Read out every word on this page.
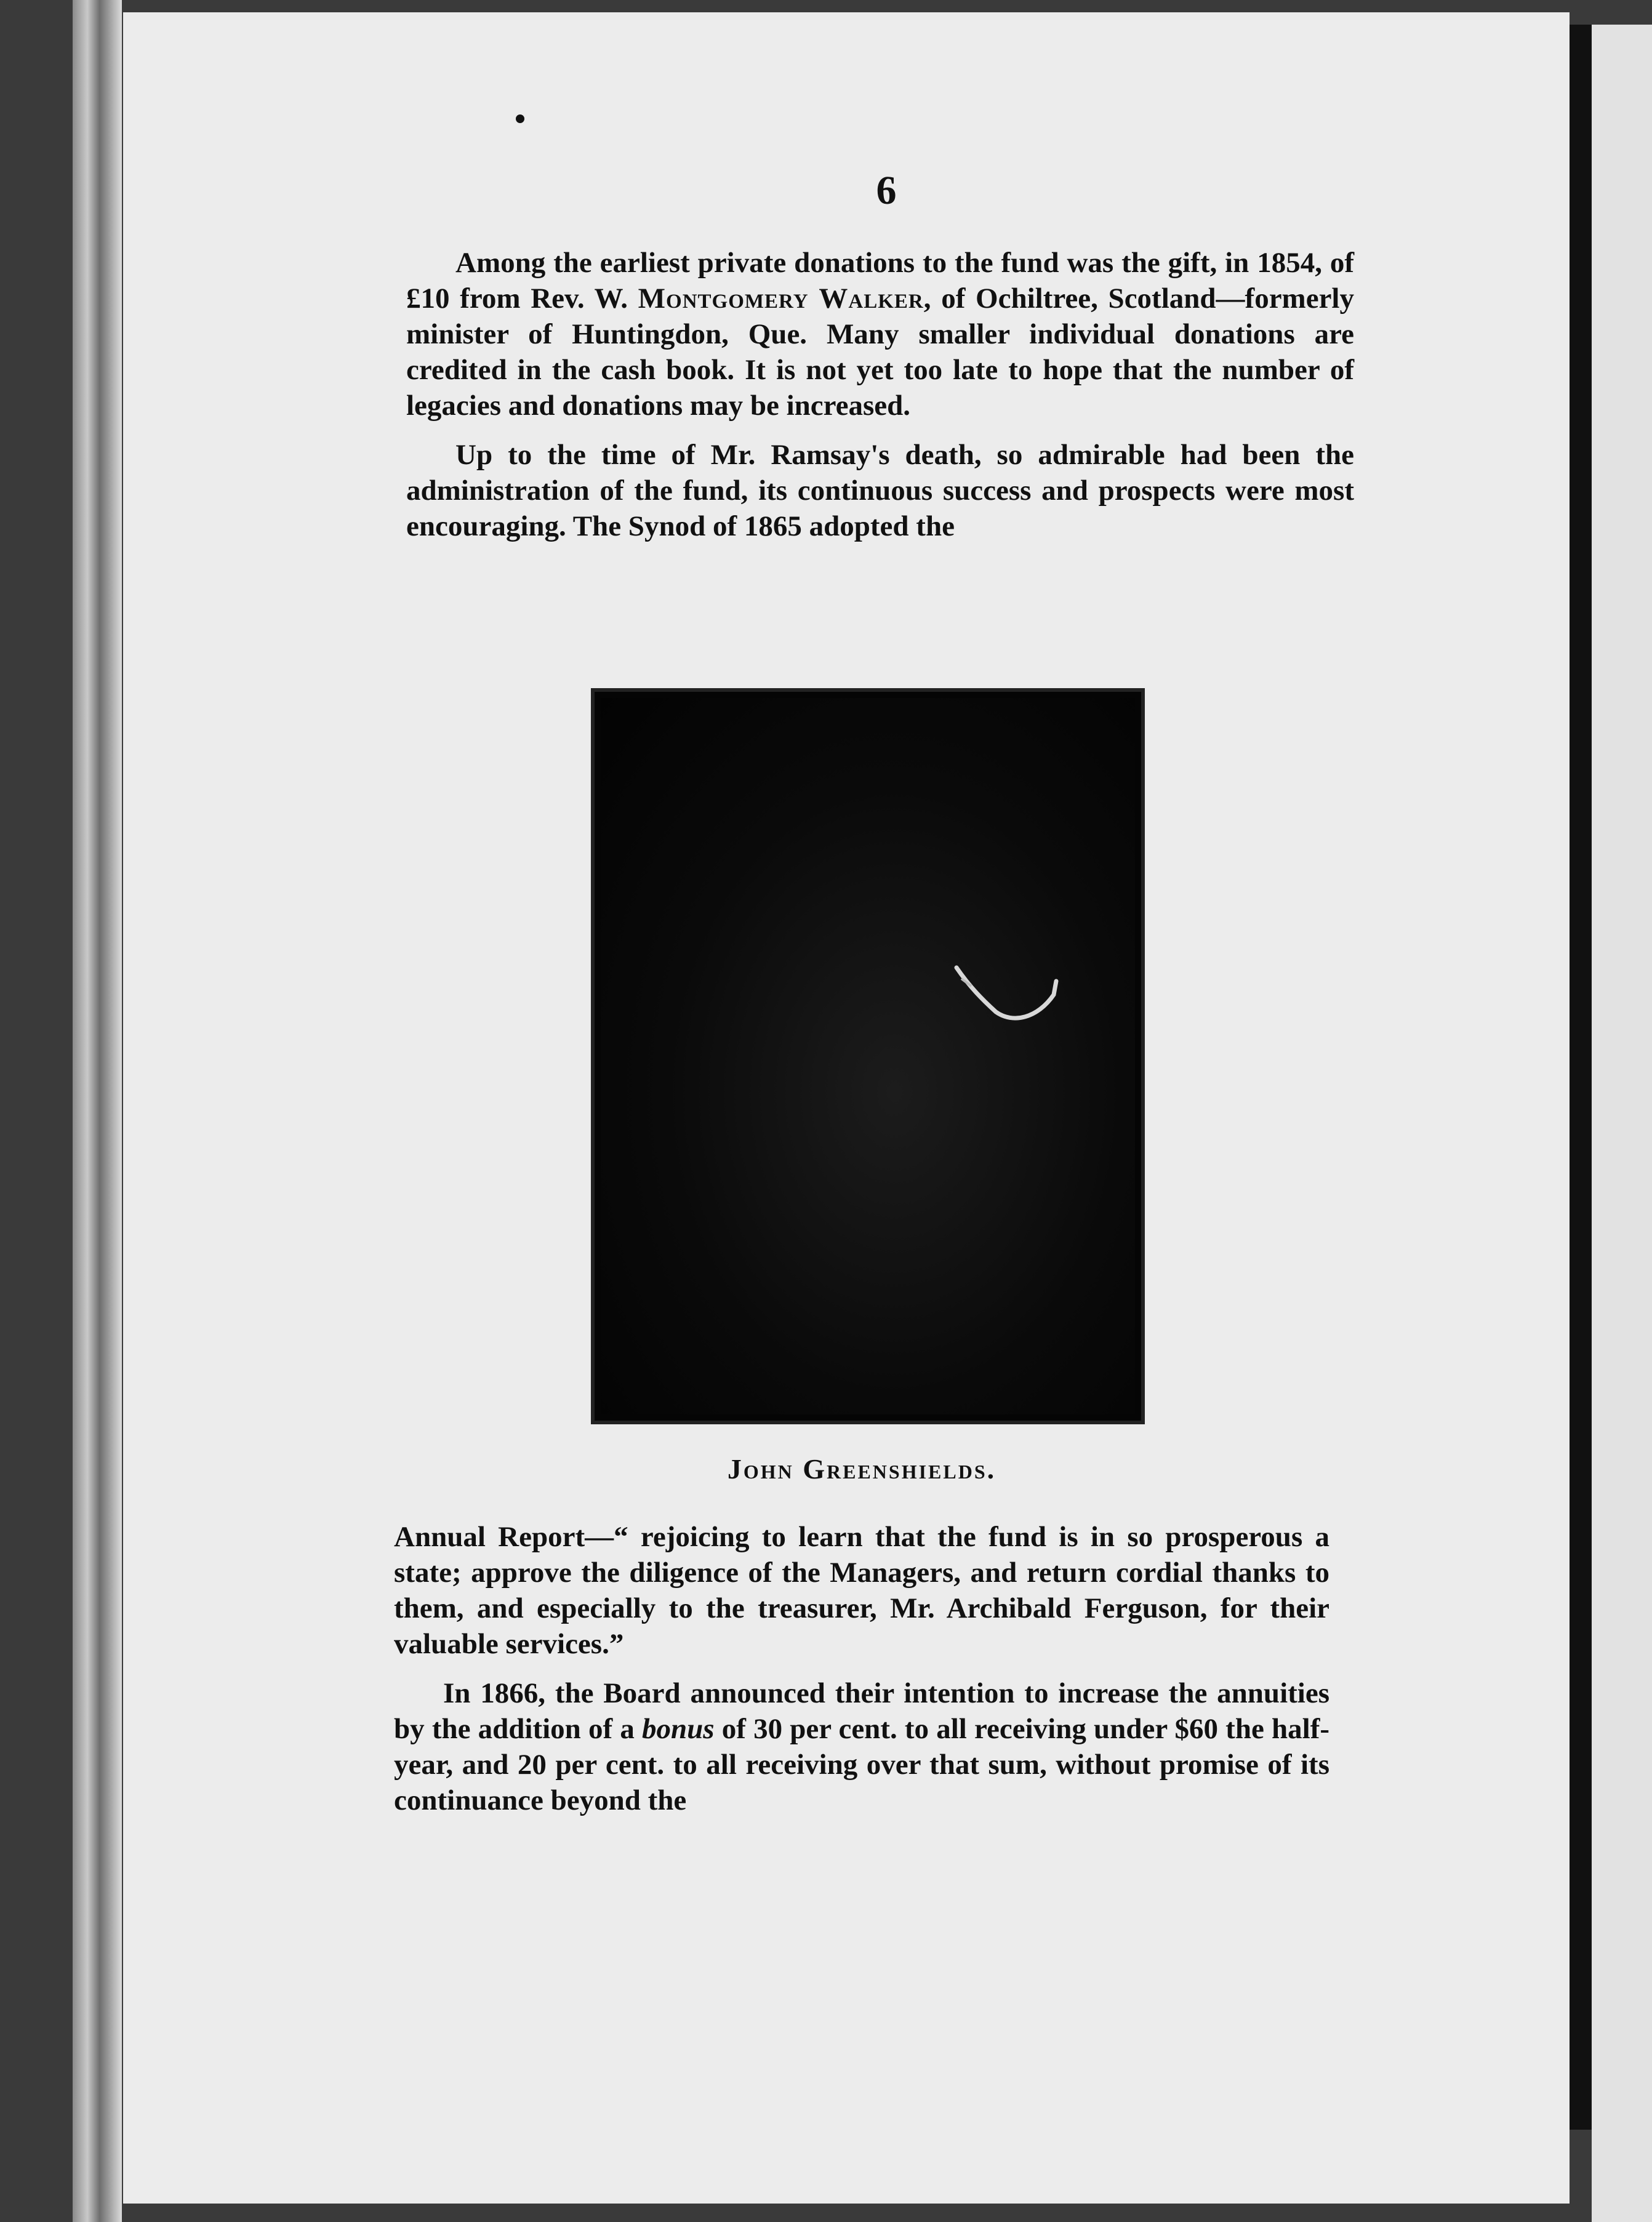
6

Among the earliest private donations to the fund was the gift, in 1854, of £10 from Rev. W. Montgomery Walker, of Ochiltree, Scotland—formerly minister of Huntingdon, Que. Many smaller individual donations are credited in the cash book. It is not yet too late to hope that the number of legacies and donations may be increased.

Up to the time of Mr. Ramsay's death, so admirable had been the administration of the fund, its continuous success and prospects were most encouraging. The Synod of 1865 adopted the

John Greenshields.

Annual Report—“ rejoicing to learn that the fund is in so prosperous a state; approve the diligence of the Managers, and return cordial thanks to them, and especially to the treasurer, Mr. Archibald Ferguson, for their valuable services.”

In 1866, the Board announced their intention to increase the annuities by the addition of a bonus of 30 per cent. to all receiving under $60 the half-year, and 20 per cent. to all receiving over that sum, without promise of its continuance beyond the
